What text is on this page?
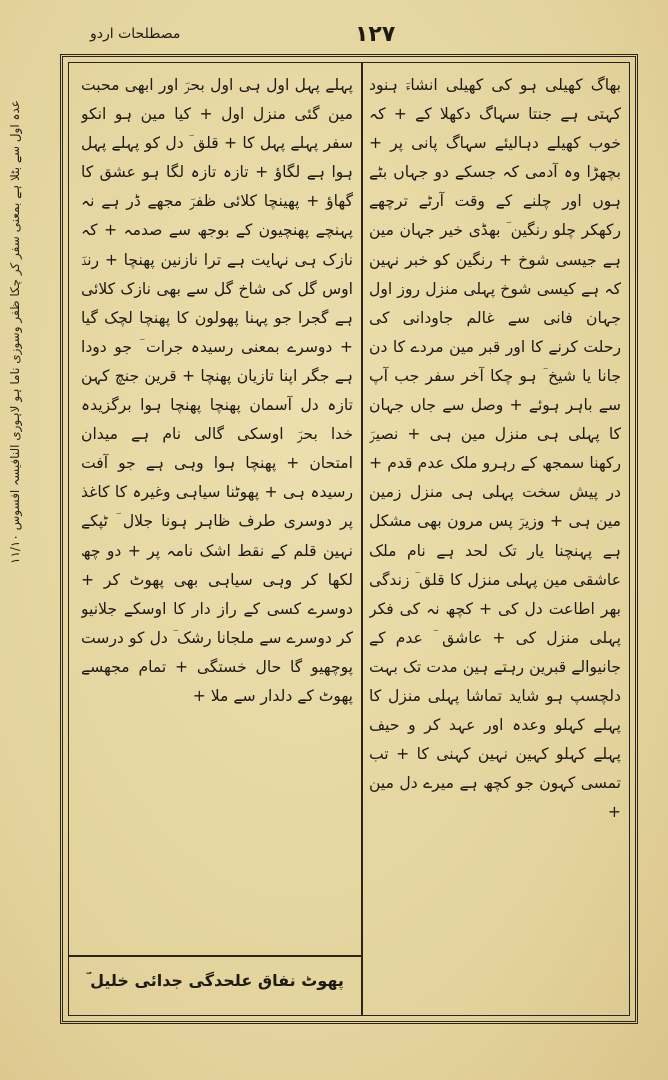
مصطلحات اردو	۱۲۷
عدہ اول سے بٹلا ہے بمعنی سفر کر چکا ظفر وسوزی ناما ہو لاہوری النافیسہ افسوس ۱۱/۱۰

بھاگ کھیلی ہو کی کھیلی انشاءؔ ہنود کہتی ہے جنتا سہاگ دکھلا کے + کہ خوب کھیلے دہالیئے سہاگ پانی پر + بچھڑا وہ آدمی کہ جسکے دو جہاں بٹے ہوں اور چلنے کے وقت آرٹے ترچھے رکھکر چلو رنگین ؔ بھڈی خیر جہان مین ہے جیسی شوخ + رنگین کو خبر نہین کہ ہے کیسی شوخ پہلی منزل روز اول جہان فانی سے غالم جاودانی کی رحلت کرنے کا اور قبر مین مردے کا دن جانا یا شیخ ؔ ہو چکا آخر سفر جب آپ سے باہر ہوئے + وصل سے جاں جہان کا پہلی ہی منزل مین ہی + نصیرؔ رکھنا سمجھ کے رہرو ملک عدم قدم + در پیش سخت پہلی ہی منزل زمین مین ہی + وزیرؔ پس مرون بھی مشکل ہے پہنچنا یار تک لحد ہے نام ملک عاشقی مین پہلی منزل کا قلق ؔ زندگی بھر اطاعت دل کی + کچھ نہ کی فکر پہلی منزل کی + عاشق ؔ عدم کے جانیوالے قبرین رہتے ہین مدت تک بہت دلچسپ ہو شاید تماشا پہلی منزل کا پہلے کہلو وعدہ اور عہد کر و حیف پہلے کہلو کہین نہین کہنی کا + تب تمسی کہون جو کچھ ہے میرے دل مین +

پہلے پہل اول ہی اول بحرؔ اور ابھی محبت مین گئی منزل اول + کیا مین ہو انکو سفر پہلے پہل کا + قلق ؔ دل کو پہلے پہل ہوا ہے لگاؤ + تازہ تازہ لگا ہو عشق کا گھاؤ + پھینچا کلائی ظفرؔ مجھے ڈر ہے نہ پہنچے پھنچیون کے بوجھ سے صدمہ + کہ نازک ہی نہایت ہے ترا نازنین پھنچا + رندؔ اوس گل کی شاخ گل سے بھی نازک کلائی ہے گجرا جو پہنا پھولون کا پھنچا لچک گیا + دوسرے بمعنی رسیدہ جرات ؔ جو دودا ہے جگر اپنا تازیان پھنچا + قرین جنچ کہن تازہ دل آسمان پھنچا پھنچا ہوا برگزیدہ خدا بحرؔ اوسکی گالی نام ہے میدان امتحان + پھنچا ہوا وہی ہے جو آفت رسیدہ ہی + پھوٹنا سیاہی وغیرہ کا کاغذ پر دوسری طرف ظاہر ہونا جلال ؔ ٹپکے نہین قلم کے نقط اشک نامہ پر + دو چھ لکھا کر وہی سیاہی بھی پھوٹ کر + دوسرے کسی کے راز دار کا اوسکے جلانیو کر دوسرے سے ملجانا رشک ؔ دل کو درست پوچھیو گا حال خستگی + تمام مجھسے پھوٹ کے دلدار سے ملا +

پھوٹ نفاق علحدگی جدائی خلیل ؔ
